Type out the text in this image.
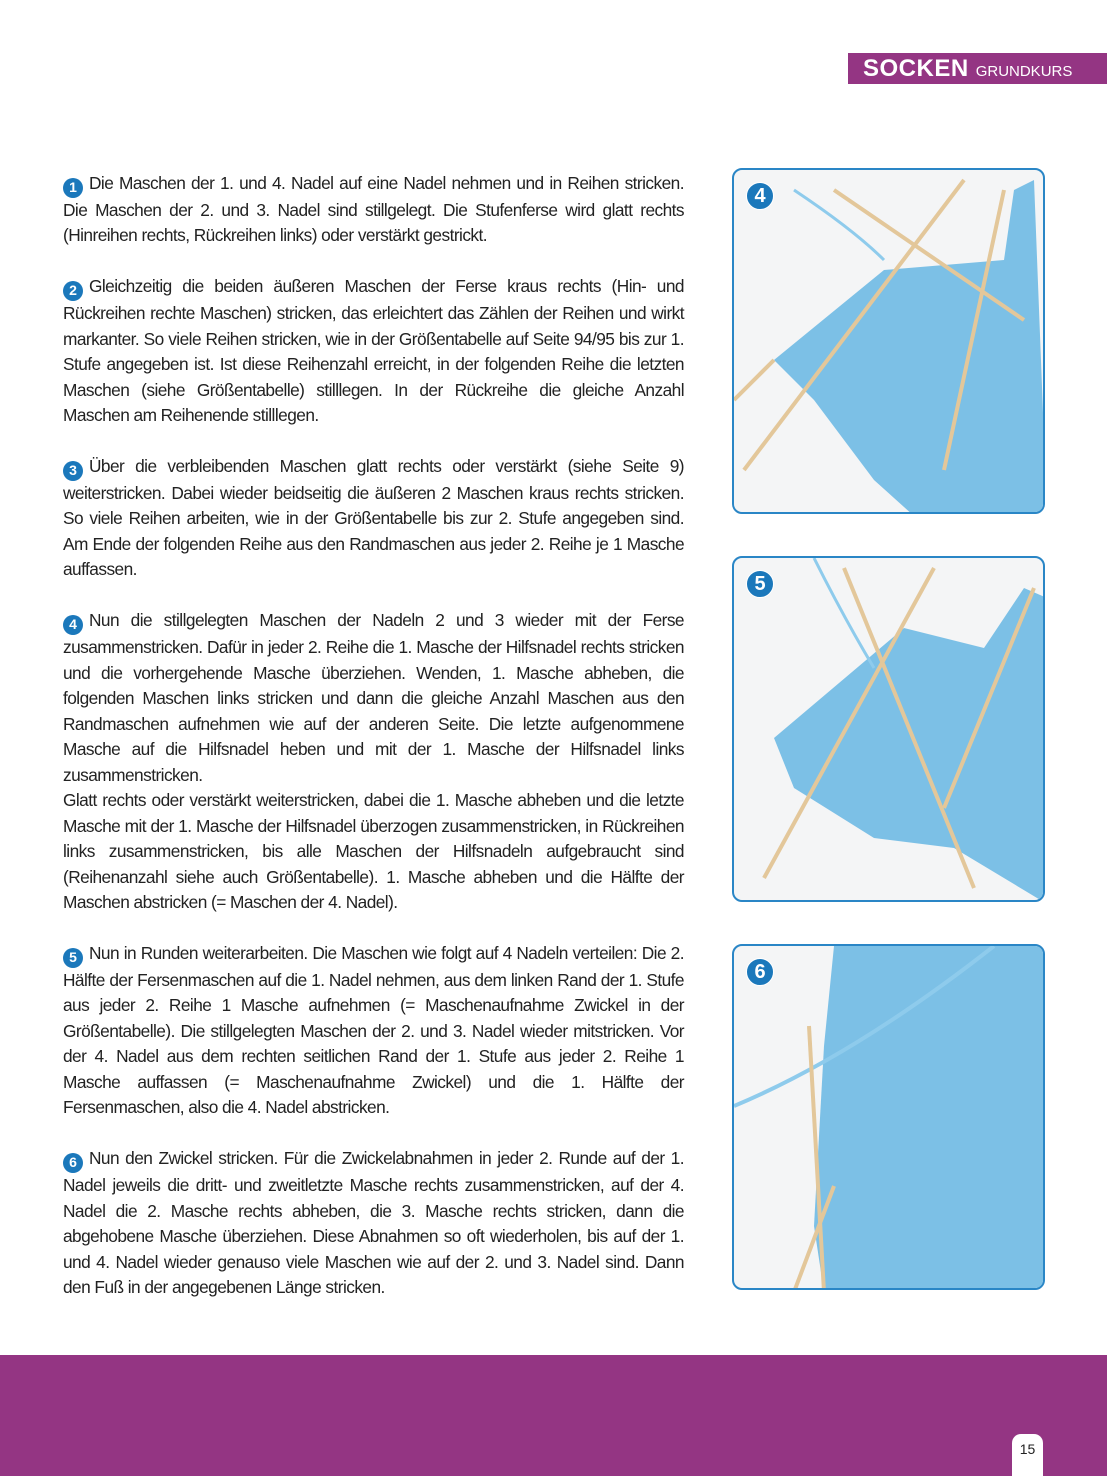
SOCKEN GRUNDKURS

1 Die Maschen der 1. und 4. Nadel auf eine Nadel nehmen und in Reihen stricken. Die Maschen der 2. und 3. Nadel sind stillgelegt. Die Stufenferse wird glatt rechts (Hinreihen rechts, Rückreihen links) oder verstärkt gestrickt.

2 Gleichzeitig die beiden äußeren Maschen der Ferse kraus rechts (Hin- und Rückreihen rechte Maschen) stricken, das erleichtert das Zählen der Reihen und wirkt markanter. So viele Reihen stricken, wie in der Größentabelle auf Seite 94/95 bis zur 1. Stufe angegeben ist. Ist diese Reihenzahl erreicht, in der folgenden Reihe die letzten Maschen (siehe Größentabelle) stilllegen. In der Rückreihe die gleiche Anzahl Maschen am Reihenende stilllegen.

3 Über die verbleibenden Maschen glatt rechts oder verstärkt (siehe Seite 9) weiterstricken. Dabei wieder beidseitig die äußeren 2 Maschen kraus rechts stricken. So viele Reihen arbeiten, wie in der Größentabelle bis zur 2. Stufe angegeben sind. Am Ende der folgenden Reihe aus den Randmaschen aus jeder 2. Reihe je 1 Masche auffassen.

4 Nun die stillgelegten Maschen der Nadeln 2 und 3 wieder mit der Ferse zusammenstricken. Dafür in jeder 2. Reihe die 1. Masche der Hilfsnadel rechts stricken und die vorhergehende Masche überziehen. Wenden, 1. Masche abheben, die folgenden Maschen links stricken und dann die gleiche Anzahl Maschen aus den Randmaschen aufnehmen wie auf der anderen Seite. Die letzte aufgenommene Masche auf die Hilfsnadel heben und mit der 1. Masche der Hilfsnadel links zusammenstricken.

Glatt rechts oder verstärkt weiterstricken, dabei die 1. Masche abheben und die letzte Masche mit der 1. Masche der Hilfsnadel überzogen zusammenstricken, in Rückreihen links zusammenstricken, bis alle Maschen der Hilfsnadeln aufgebraucht sind (Reihenanzahl siehe auch Größentabelle). 1. Masche abheben und die Hälfte der Maschen abstricken (= Maschen der 4. Nadel).

5 Nun in Runden weiterarbeiten. Die Maschen wie folgt auf 4 Nadeln verteilen: Die 2. Hälfte der Fersenmaschen auf die 1. Nadel nehmen, aus dem linken Rand der 1. Stufe aus jeder 2. Reihe 1 Masche aufnehmen (= Maschenaufnahme Zwickel in der Größentabelle). Die stillgelegten Maschen der 2. und 3. Nadel wieder mitstricken. Vor der 4. Nadel aus dem rechten seitlichen Rand der 1. Stufe aus jeder 2. Reihe 1 Masche auffassen (= Maschenaufnahme Zwickel) und die 1. Hälfte der Fersenmaschen, also die 4. Nadel abstricken.

6 Nun den Zwickel stricken. Für die Zwickelabnahmen in jeder 2. Runde auf der 1. Nadel jeweils die dritt- und zweitletzte Masche rechts zusammenstricken, auf der 4. Nadel die 2. Masche rechts abheben, die 3. Masche rechts stricken, dann die abgehobene Masche überziehen. Diese Abnahmen so oft wiederholen, bis auf der 1. und 4. Nadel wieder genauso viele Maschen wie auf der 2. und 3. Nadel sind. Dann den Fuß in der angegebenen Länge stricken.

4
5
6
15
